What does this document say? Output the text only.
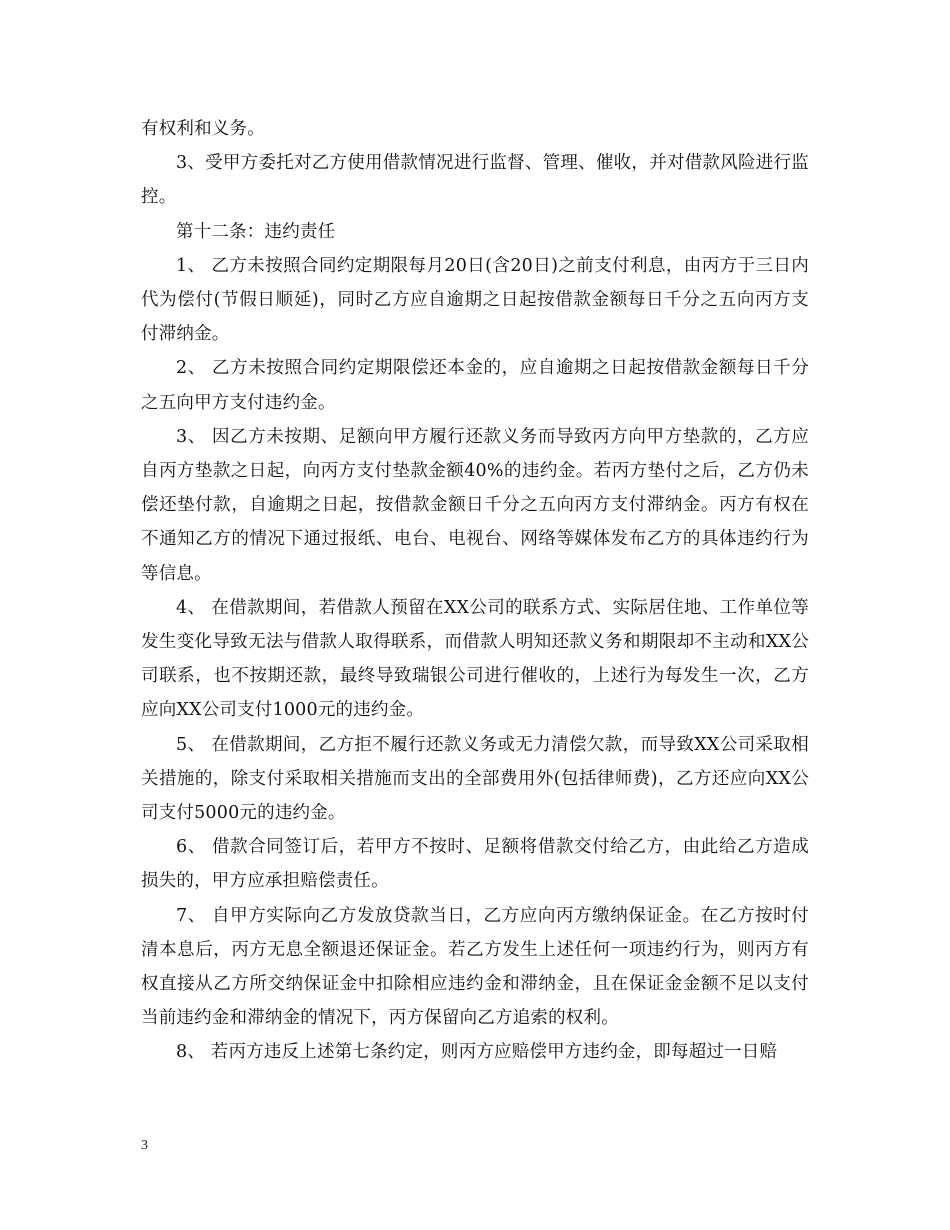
有权利和义务。

3、受甲方委托对乙方使用借款情况进行监督、管理、催收，并对借款风险进行监控。

第十二条：违约责任

1、 乙方未按照合同约定期限每月20日(含20日)之前支付利息，由丙方于三日内代为偿付(节假日顺延)，同时乙方应自逾期之日起按借款金额每日千分之五向丙方支付滞纳金。

2、 乙方未按照合同约定期限偿还本金的，应自逾期之日起按借款金额每日千分之五向甲方支付违约金。

3、 因乙方未按期、足额向甲方履行还款义务而导致丙方向甲方垫款的，乙方应自丙方垫款之日起，向丙方支付垫款金额40%的违约金。若丙方垫付之后，乙方仍未偿还垫付款，自逾期之日起，按借款金额日千分之五向丙方支付滞纳金。丙方有权在不通知乙方的情况下通过报纸、电台、电视台、网络等媒体发布乙方的具体违约行为等信息。

4、 在借款期间，若借款人预留在XX公司的联系方式、实际居住地、工作单位等发生变化导致无法与借款人取得联系，而借款人明知还款义务和期限却不主动和XX公司联系，也不按期还款，最终导致瑞银公司进行催收的，上述行为每发生一次，乙方应向XX公司支付1000元的违约金。

5、 在借款期间，乙方拒不履行还款义务或无力清偿欠款，而导致XX公司采取相关措施的，除支付采取相关措施而支出的全部费用外(包括律师费)，乙方还应向XX公司支付5000元的违约金。

6、 借款合同签订后，若甲方不按时、足额将借款交付给乙方，由此给乙方造成损失的，甲方应承担赔偿责任。

7、 自甲方实际向乙方发放贷款当日，乙方应向丙方缴纳保证金。在乙方按时付清本息后，丙方无息全额退还保证金。若乙方发生上述任何一项违约行为，则丙方有权直接从乙方所交纳保证金中扣除相应违约金和滞纳金，且在保证金金额不足以支付当前违约金和滞纳金的情况下，丙方保留向乙方追索的权利。

8、 若丙方违反上述第七条约定，则丙方应赔偿甲方违约金，即每超过一日赔

3
